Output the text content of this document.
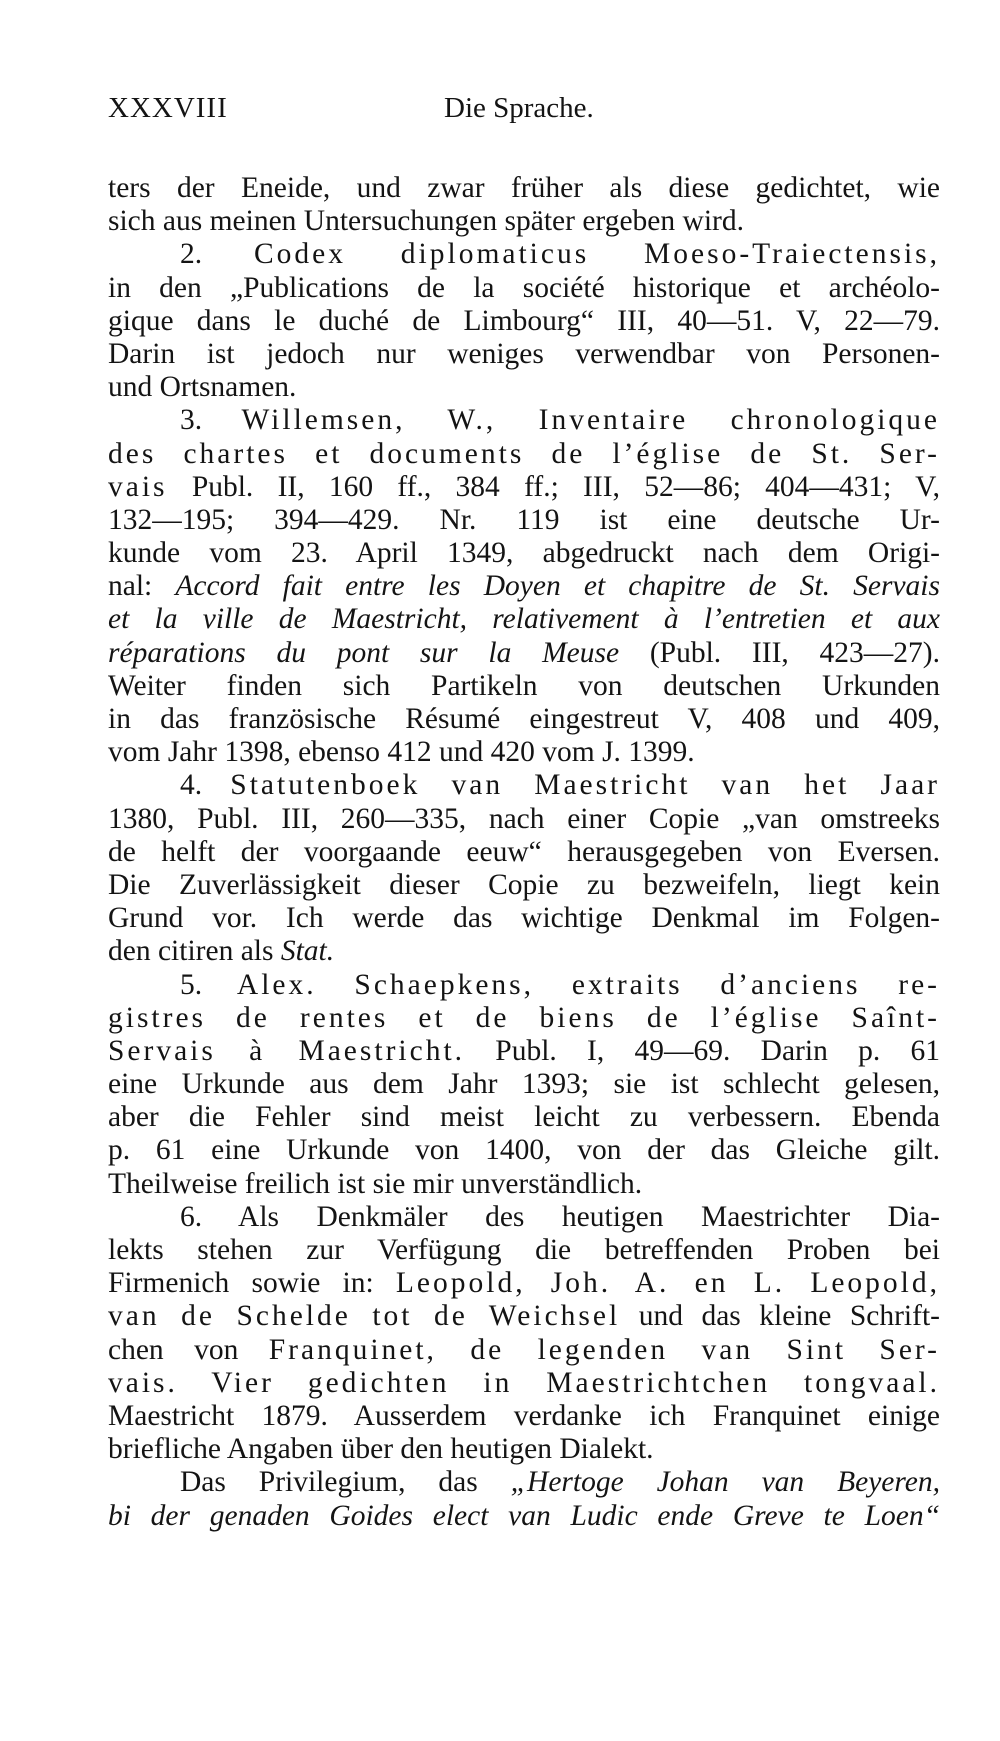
XXXVIII	Die Sprache.
ters der Eneide, und zwar früher als diese gedichtet, wie
sich aus meinen Untersuchungen später ergeben wird.
2. Codex diplomaticus Moeso-Traiectensis,
in den „Publications de la société historique et archéolo-
gique dans le duché de Limbourg“ III, 40—51. V, 22—79.
Darin ist jedoch nur weniges verwendbar von Personen-
und Ortsnamen.
3. Willemsen, W., Inventaire chronologique
des chartes et documents de l’église de St. Ser-
vais Publ. II, 160 ff., 384 ff.; III, 52—86; 404—431; V,
132—195; 394—429. Nr. 119 ist eine deutsche Ur-
kunde vom 23. April 1349, abgedruckt nach dem Origi-
nal: Accord fait entre les Doyen et chapitre de St. Servais
et la ville de Maestricht, relativement à l’entretien et aux
réparations du pont sur la Meuse (Publ. III, 423—27).
Weiter finden sich Partikeln von deutschen Urkunden
in das französische Résumé eingestreut V, 408 und 409,
vom Jahr 1398, ebenso 412 und 420 vom J. 1399.
4. Statutenboek van Maestricht van het Jaar
1380, Publ. III, 260—335, nach einer Copie „van omstreeks
de helft der voorgaande eeuw“ herausgegeben von Eversen.
Die Zuverlässigkeit dieser Copie zu bezweifeln, liegt kein
Grund vor. Ich werde das wichtige Denkmal im Folgen-
den citiren als Stat.
5. Alex. Schaepkens, extraits d’anciens re-
gistres de rentes et de biens de l’église Saînt-
Servais à Maestricht. Publ. I, 49—69. Darin p. 61
eine Urkunde aus dem Jahr 1393; sie ist schlecht gelesen,
aber die Fehler sind meist leicht zu verbessern. Ebenda
p. 61 eine Urkunde von 1400, von der das Gleiche gilt.
Theilweise freilich ist sie mir unverständlich.
6. Als Denkmäler des heutigen Maestrichter Dia-
lekts stehen zur Verfügung die betreffenden Proben bei
Firmenich sowie in: Leopold, Joh. A. en L. Leopold,
van de Schelde tot de Weichsel und das kleine Schrift-
chen von Franquinet, de legenden van Sint Ser-
vais. Vier gedichten in Maestrichtchen tongvaal.
Maestricht 1879. Ausserdem verdanke ich Franquinet einige
briefliche Angaben über den heutigen Dialekt.
Das Privilegium, das „Hertoge Johan van Beyeren,
bi der genaden Goides elect van Ludic ende Greve te Loen“
